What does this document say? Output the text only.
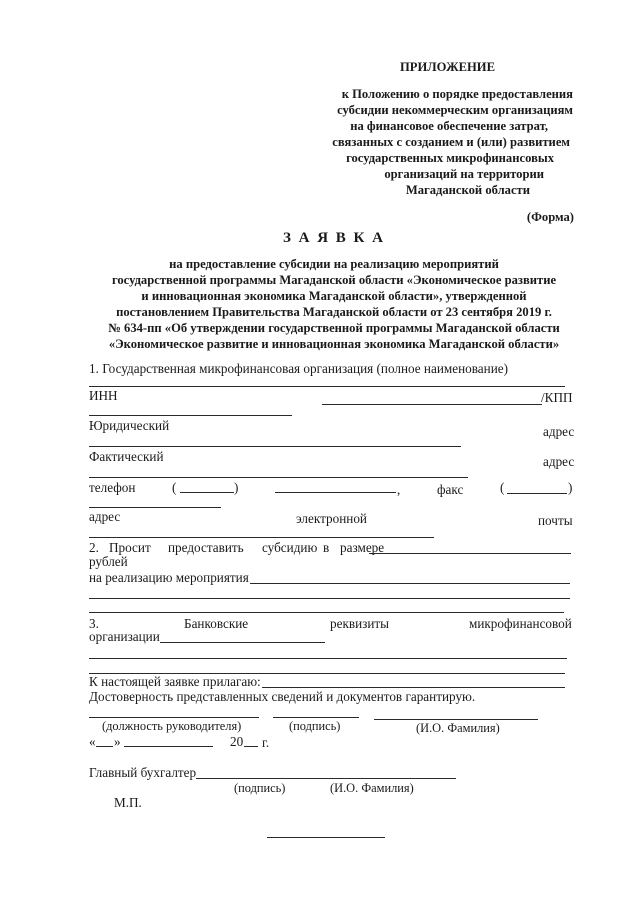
ПРИЛОЖЕНИЕ
к Положению о порядке предоставления
субсидии некоммерческим организациям
на финансовое обеспечение затрат,
связанных с созданием и (или) развитием
государственных микрофинансовых
организаций на территории
Магаданской области
(Форма)
З А Я В К А
на предоставление субсидии на реализацию мероприятий
государственной программы Магаданской области «Экономическое развитие
и инновационная экономика Магаданской области», утвержденной
постановлением Правительства Магаданской области от 23 сентября 2019 г.
№ 634-пп «Об утверждении государственной программы Магаданской области
«Экономическое развитие и инновационная экономика Магаданской области»
1. Государственная микрофинансовая организация (полное наименование)
ИНН	/КПП
Юридический	адрес
Фактический	адрес
телефон	(	)	,	факс	(	)
адрес	электронной	почты
2. Просит предоставить субсидию в размере
рублей
на реализацию мероприятия
3.	Банковские	реквизиты	микрофинансовой
организации
К настоящей заявке прилагаю:
Достоверность представленных сведений и документов гарантирую.
(должность руководителя)	(подпись)	(И.О. Фамилия)
« »	20 г.
Главный бухгалтер
(подпись)	(И.О. Фамилия)
М.П.
